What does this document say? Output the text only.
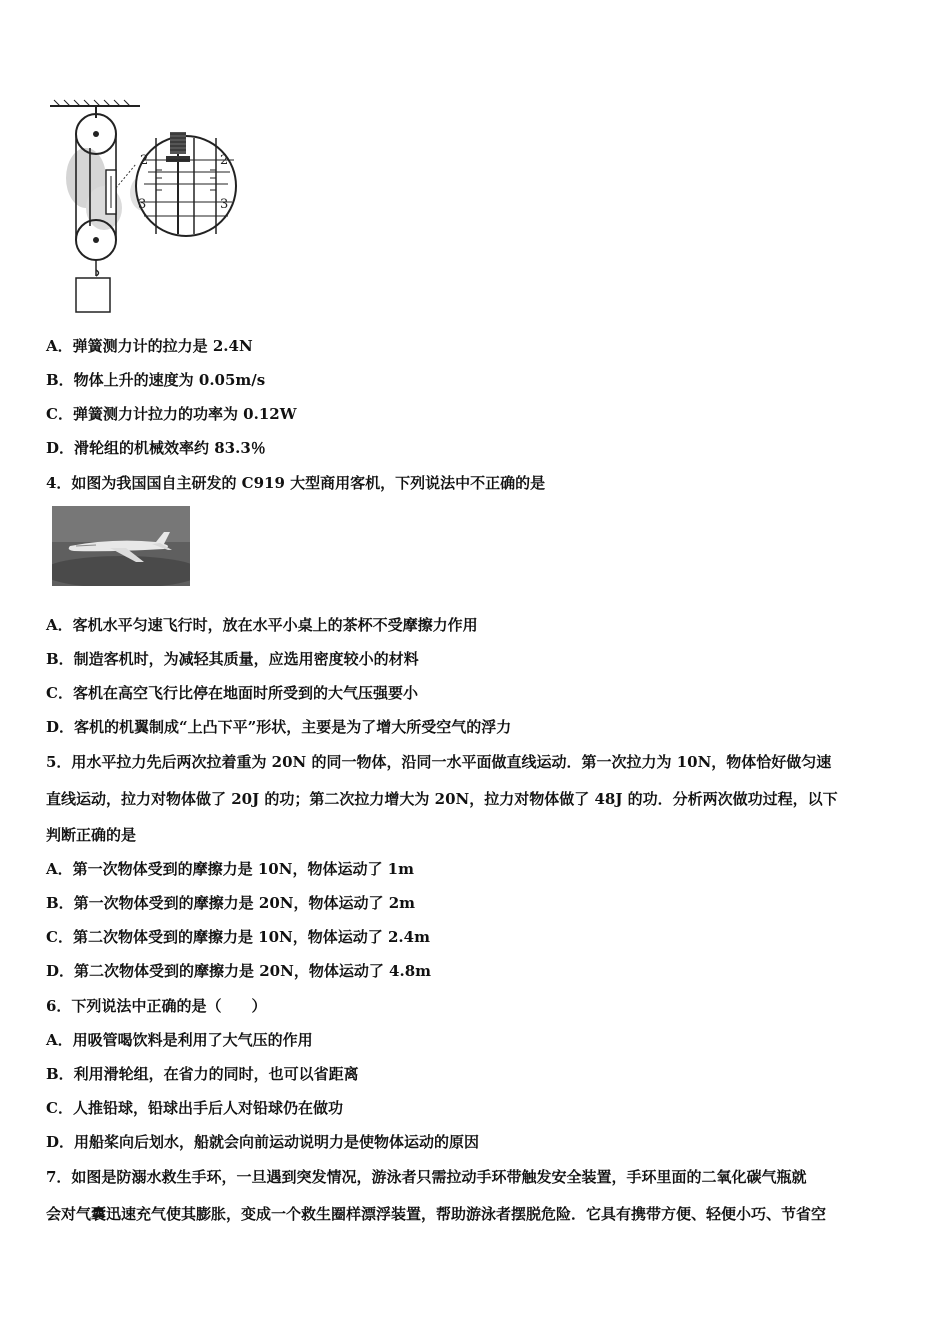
2	2
3	3
A．弹簧测力计的拉力是 2.4N
B．物体上升的速度为 0.05m/s
C．弹簧测力计拉力的功率为 0.12W
D．滑轮组的机械效率约 83.3％
4．如图为我国国自主研发的 C919 大型商用客机，下列说法中不正确的是
A．客机水平匀速飞行时，放在水平小桌上的茶杯不受摩擦力作用
B．制造客机时，为减轻其质量，应选用密度较小的材料
C．客机在高空飞行比停在地面时所受到的大气压强要小
D．客机的机翼制成“上凸下平”形状，主要是为了增大所受空气的浮力
5．用水平拉力先后两次拉着重为 20N 的同一物体，沿同一水平面做直线运动．第一次拉力为 10N，物体恰好做匀速
直线运动，拉力对物体做了 20J 的功；第二次拉力增大为 20N，拉力对物体做了 48J 的功．分析两次做功过程，以下
判断正确的是
A．第一次物体受到的摩擦力是 10N，物体运动了 1m
B．第一次物体受到的摩擦力是 20N，物体运动了 2m
C．第二次物体受到的摩擦力是 10N，物体运动了 2.4m
D．第二次物体受到的摩擦力是 20N，物体运动了 4.8m
6．下列说法中正确的是（　　）
A．用吸管喝饮料是利用了大气压的作用
B．利用滑轮组，在省力的同时，也可以省距离
C．人推铅球，铅球出手后人对铅球仍在做功
D．用船桨向后划水，船就会向前运动说明力是使物体运动的原因
7．如图是防溺水救生手环，一旦遇到突发情况，游泳者只需拉动手环带触发安全装置，手环里面的二氧化碳气瓶就
会对气囊迅速充气使其膨胀，变成一个救生圈样漂浮装置，帮助游泳者摆脱危险．它具有携带方便、轻便小巧、节省空
